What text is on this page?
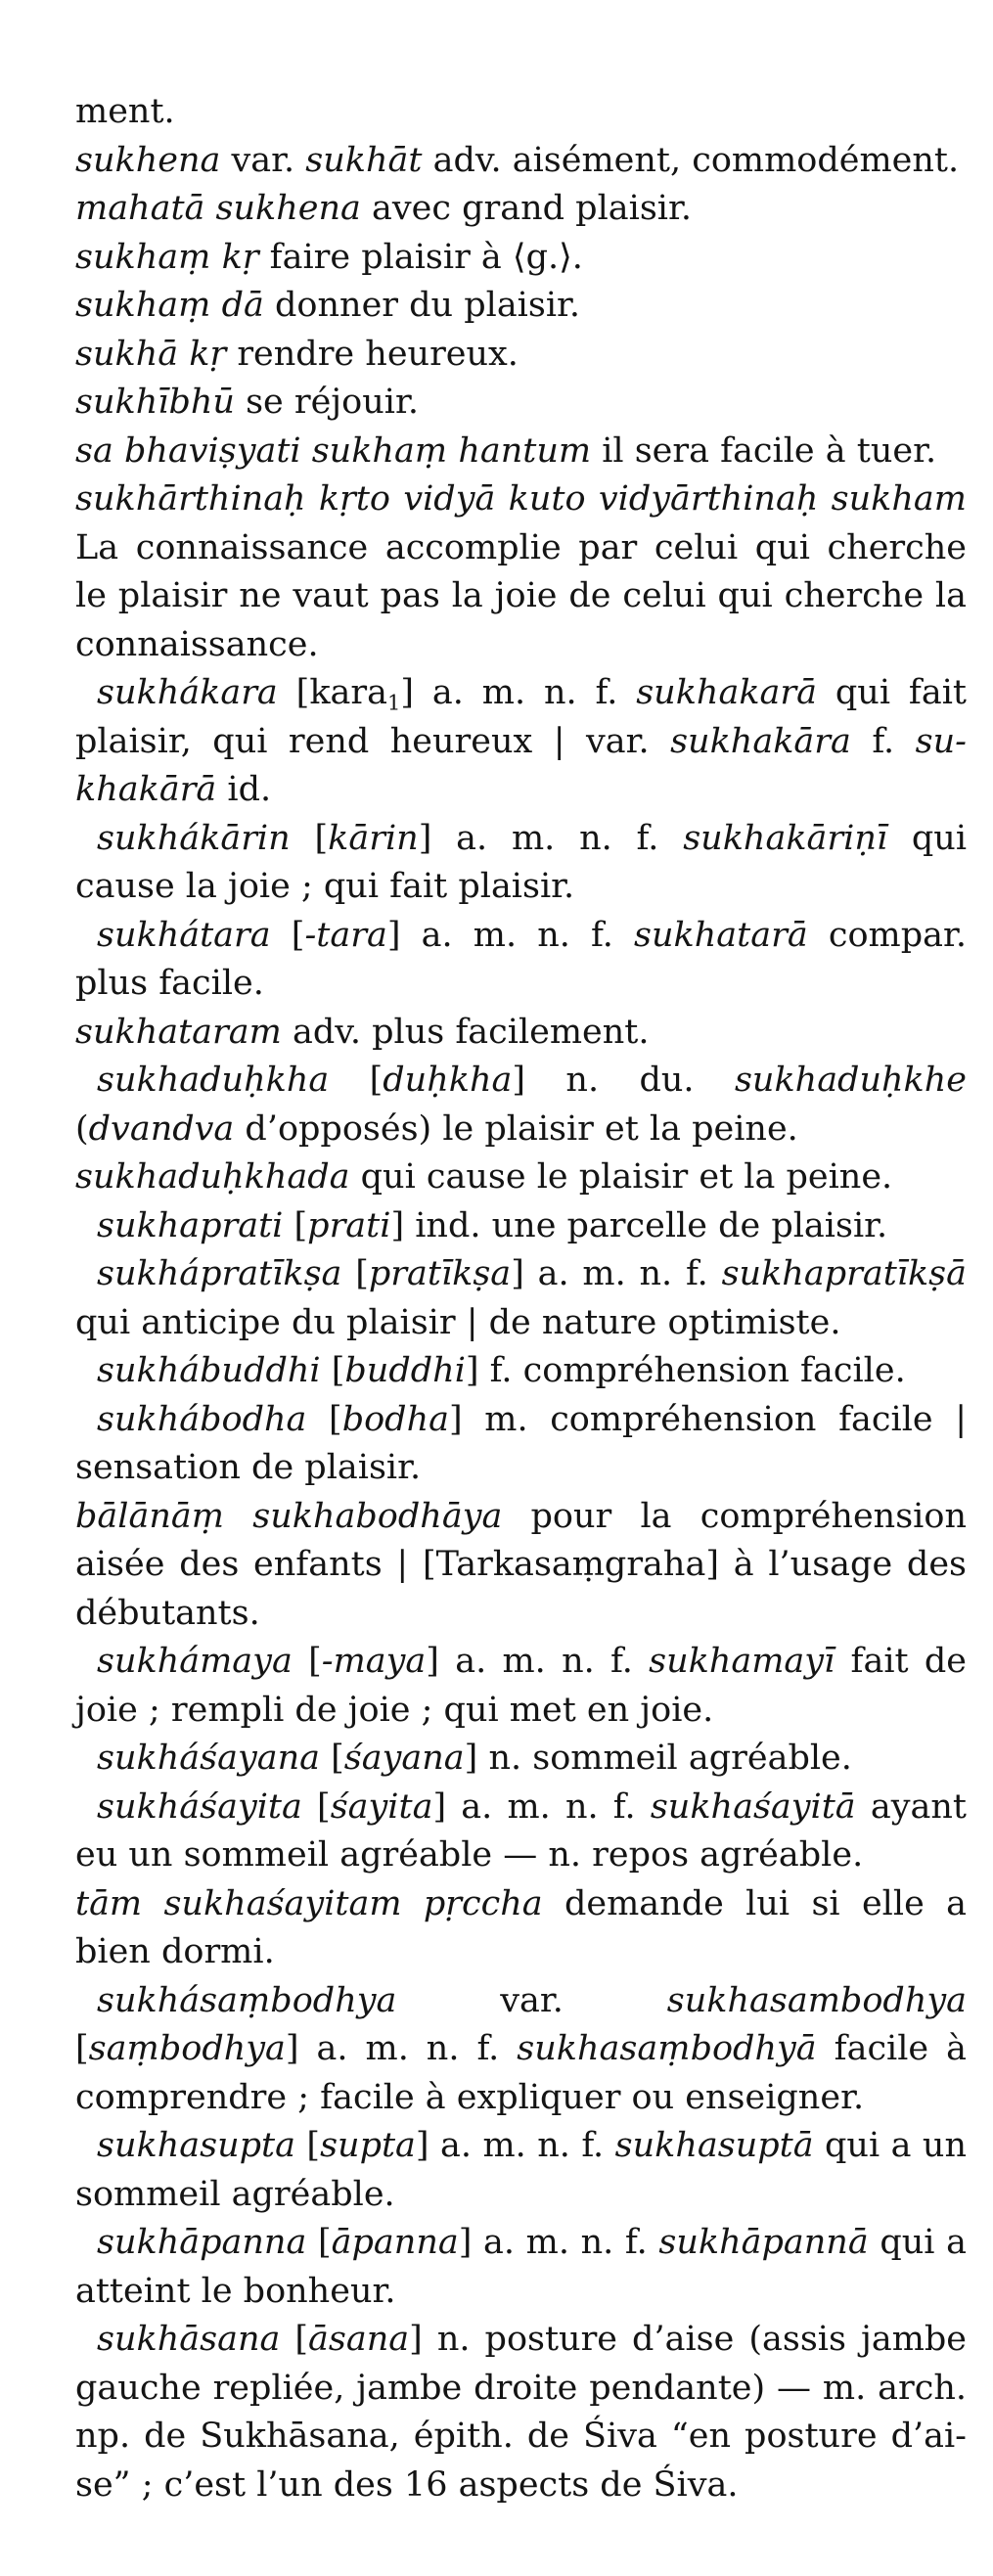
ment.

sukhena var. sukhāt adv. aisément, commodément.

mahatā sukhena avec grand plaisir.

sukhaṃ kṛ faire plaisir à ⟨g.⟩.

sukhaṃ dā donner du plaisir.

sukhā kṛ rendre heureux.

sukhībhū se réjouir.

sa bhaviṣyati sukhaṃ hantum il sera facile à tuer.

sukhārthinaḥ kṛto vidyā kuto vidyārthinaḥ sukham La connaissance accomplie par celui qui cherche le plaisir ne vaut pas la joie de celui qui cherche la connaissance.

sukhákara [kara$_1$] a. m. n. f. sukhakarā qui fait plaisir, qui rend heureux | var. sukhakāra f. sukhakārā id.

sukhákārin [kārin] a. m. n. f. sukhakāriṇī qui cause la joie ; qui fait plaisir.

sukhátara [-tara] a. m. n. f. sukhatarā compar. plus facile.

sukhataram adv. plus facilement.

sukhaduḥkha [duḥkha] n. du. sukhaduḥkhe (dvandva d’opposés) le plaisir et la peine.

sukhaduḥkhada qui cause le plaisir et la peine.

sukhaprati [prati] ind. une parcelle de plaisir.

sukhápratīkṣa [pratīkṣa] a. m. n. f. sukhapratīkṣā qui anticipe du plaisir | de nature optimiste.

sukhábuddhi [buddhi] f. compréhension facile.

sukhábodha [bodha] m. compréhension facile | sensation de plaisir.

bālānāṃ sukhabodhāya pour la compréhension aisée des enfants | [Tarkasaṃgraha] à l’usage des débutants.

sukhámaya [-maya] a. m. n. f. sukhamayī fait de joie ; rempli de joie ; qui met en joie.

sukháśayana [śayana] n. sommeil agréable.

sukháśayita [śayita] a. m. n. f. sukhaśayitā ayant eu un sommeil agréable — n. repos agréable.

tām sukhaśayitam pṛccha demande lui si elle a bien dormi.

sukhásaṃbodhya var. sukhasambodhya [saṃbodhya] a. m. n. f. sukhasaṃbodhyā facile à comprendre ; facile à expliquer ou enseigner.

sukhasupta [supta] a. m. n. f. sukhasuptā qui a un sommeil agréable.

sukhāpanna [āpanna] a. m. n. f. sukhāpannā qui a atteint le bonheur.

sukhāsana [āsana] n. posture d’aise (assis jambe gauche repliée, jambe droite pendante) — m. arch. np. de Sukhāsana, épith. de Śiva “en posture d’aise” ; c’est l’un des 16 aspects de Śiva.
